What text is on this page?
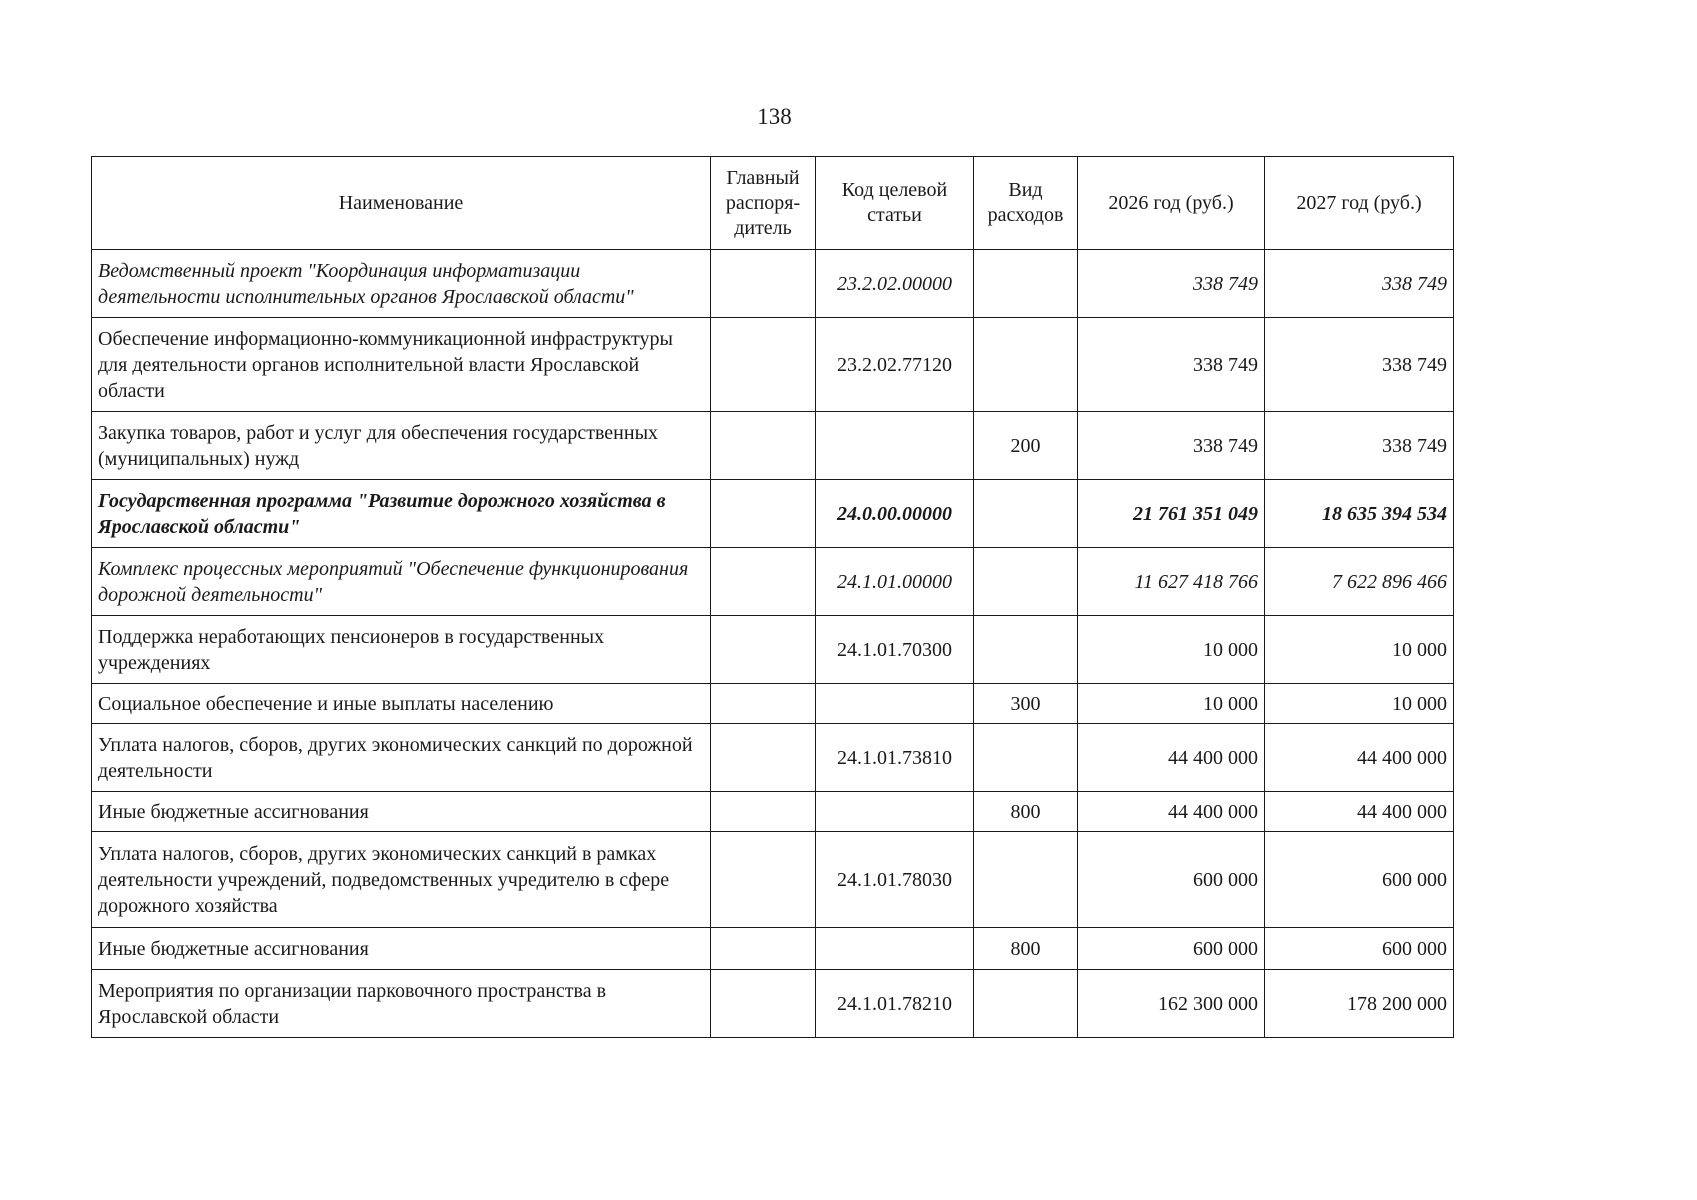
138
Наименование	Главный распоря-дитель	Код целевой статьи	Вид расходов	2026 год (руб.)	2027 год (руб.)
Ведомственный проект "Координация информатизации деятельности исполнительных органов Ярославской области"		23.2.02.00000		338 749	338 749
Обеспечение информационно-коммуникационной инфраструктуры для деятельности органов исполнительной власти Ярославской области		23.2.02.77120		338 749	338 749
Закупка товаров, работ и услуг для обеспечения государственных (муниципальных) нужд			200	338 749	338 749
Государственная программа "Развитие дорожного хозяйства в Ярославской области"		24.0.00.00000		21 761 351 049	18 635 394 534
Комплекс процессных мероприятий "Обеспечение функционирования дорожной деятельности"		24.1.01.00000		11 627 418 766	7 622 896 466
Поддержка неработающих пенсионеров в государственных учреждениях		24.1.01.70300		10 000	10 000
Социальное обеспечение и иные выплаты населению			300	10 000	10 000
Уплата налогов, сборов, других экономических санкций по дорожной деятельности		24.1.01.73810		44 400 000	44 400 000
Иные бюджетные ассигнования			800	44 400 000	44 400 000
Уплата налогов, сборов, других экономических санкций в рамках деятельности учреждений, подведомственных учредителю в сфере дорожного хозяйства		24.1.01.78030		600 000	600 000
Иные бюджетные ассигнования			800	600 000	600 000
Мероприятия по организации парковочного пространства в Ярославской области		24.1.01.78210		162 300 000	178 200 000
